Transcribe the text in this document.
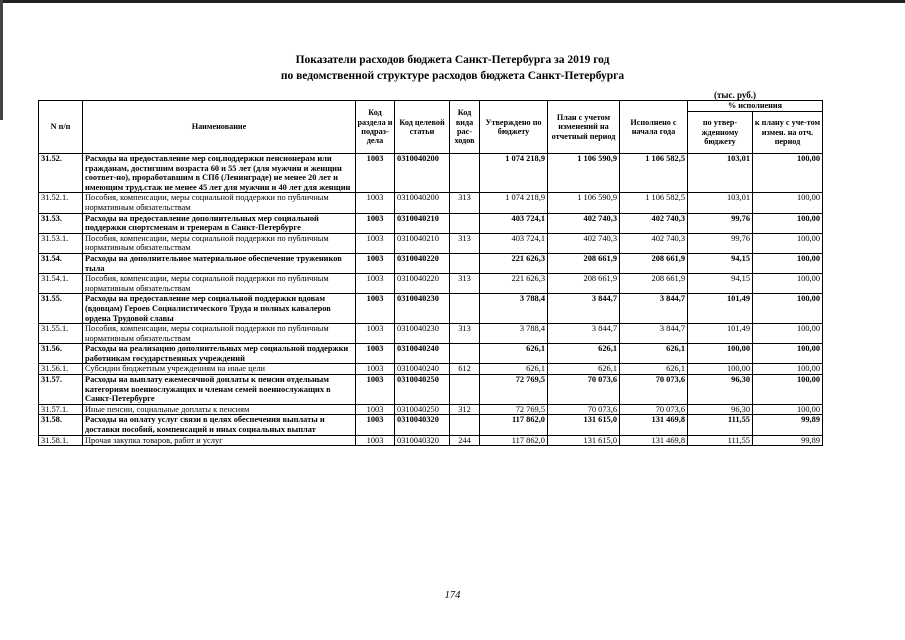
Показатели расходов бюджета Санкт-Петербурга за 2019 год
по ведомственной структуре расходов бюджета Санкт-Петербурга
(тыс. руб.)
N п/п	Наименование	Код раздела и подраз-дела	Код целевой статьи	Код вида рас-ходов	Утверждено по бюджету	План с учетом изменений на отчетный период	Исполнено с начала года	% исполнения	
								по утвер-жденному бюджету	к плану с уче-том измен. на отч. период
31.52.	Расходы на предоставление мер соц.поддержки пенсионерам или гражданам, достигшим возраста 60 и 55 лет (для мужчин и женщин соответ-но), проработавшим в СПб (Ленинграде) не менее 20 лет и имеющим труд.стаж не менее 45 лет для мужчин и 40 лет для женщин	1003	0310040200		1 074 218,9	1 106 590,9	1 106 582,5	103,01	100,00
31.52.1.	Пособия, компенсации, меры социальной поддержки по публичным нормативным обязательствам	1003	0310040200	313	1 074 218,9	1 106 590,9	1 106 582,5	103,01	100,00
31.53.	Расходы на предоставление дополнительных мер социальной поддержки спортсменам и тренерам в Санкт-Петербурге	1003	0310040210		403 724,1	402 740,3	402 740,3	99,76	100,00
31.53.1.	Пособия, компенсации, меры социальной поддержки по публичным нормативным обязательствам	1003	0310040210	313	403 724,1	402 740,3	402 740,3	99,76	100,00
31.54.	Расходы на дополнительное материальное обеспечение тружеников тыла	1003	0310040220		221 626,3	208 661,9	208 661,9	94,15	100,00
31.54.1.	Пособия, компенсации, меры социальной поддержки по публичным нормативным обязательствам	1003	0310040220	313	221 626,3	208 661,9	208 661,9	94,15	100,00
31.55.	Расходы на предоставление мер социальной поддержки вдовам (вдовцам) Героев Социалистического Труда и полных кавалеров ордена Трудовой славы	1003	0310040230		3 788,4	3 844,7	3 844,7	101,49	100,00
31.55.1.	Пособия, компенсации, меры социальной поддержки по публичным нормативным обязательствам	1003	0310040230	313	3 788,4	3 844,7	3 844,7	101,49	100,00
31.56.	Расходы на реализацию дополнительных мер социальной поддержки работникам государственных учреждений	1003	0310040240		626,1	626,1	626,1	100,00	100,00
31.56.1.	Субсидии бюджетным учреждениям на иные цели	1003	0310040240	612	626,1	626,1	626,1	100,00	100,00
31.57.	Расходы на выплату ежемесячной доплаты к пенсии отдельным категориям военнослужащих и членам семей военнослужащих в Санкт-Петербурге	1003	0310040250		72 769,5	70 073,6	70 073,6	96,30	100,00
31.57.1.	Иные пенсии, социальные доплаты к пенсиям	1003	0310040250	312	72 769,5	70 073,6	70 073,6	96,30	100,00
31.58.	Расходы на оплату услуг связи в целях обеспечения выплаты и доставки пособий, компенсаций и иных социальных выплат	1003	0310040320		117 862,0	131 615,0	131 469,8	111,55	99,89
31.58.1.	Прочая закупка товаров, работ и услуг	1003	0310040320	244	117 862,0	131 615,0	131 469,8	111,55	99,89
174
